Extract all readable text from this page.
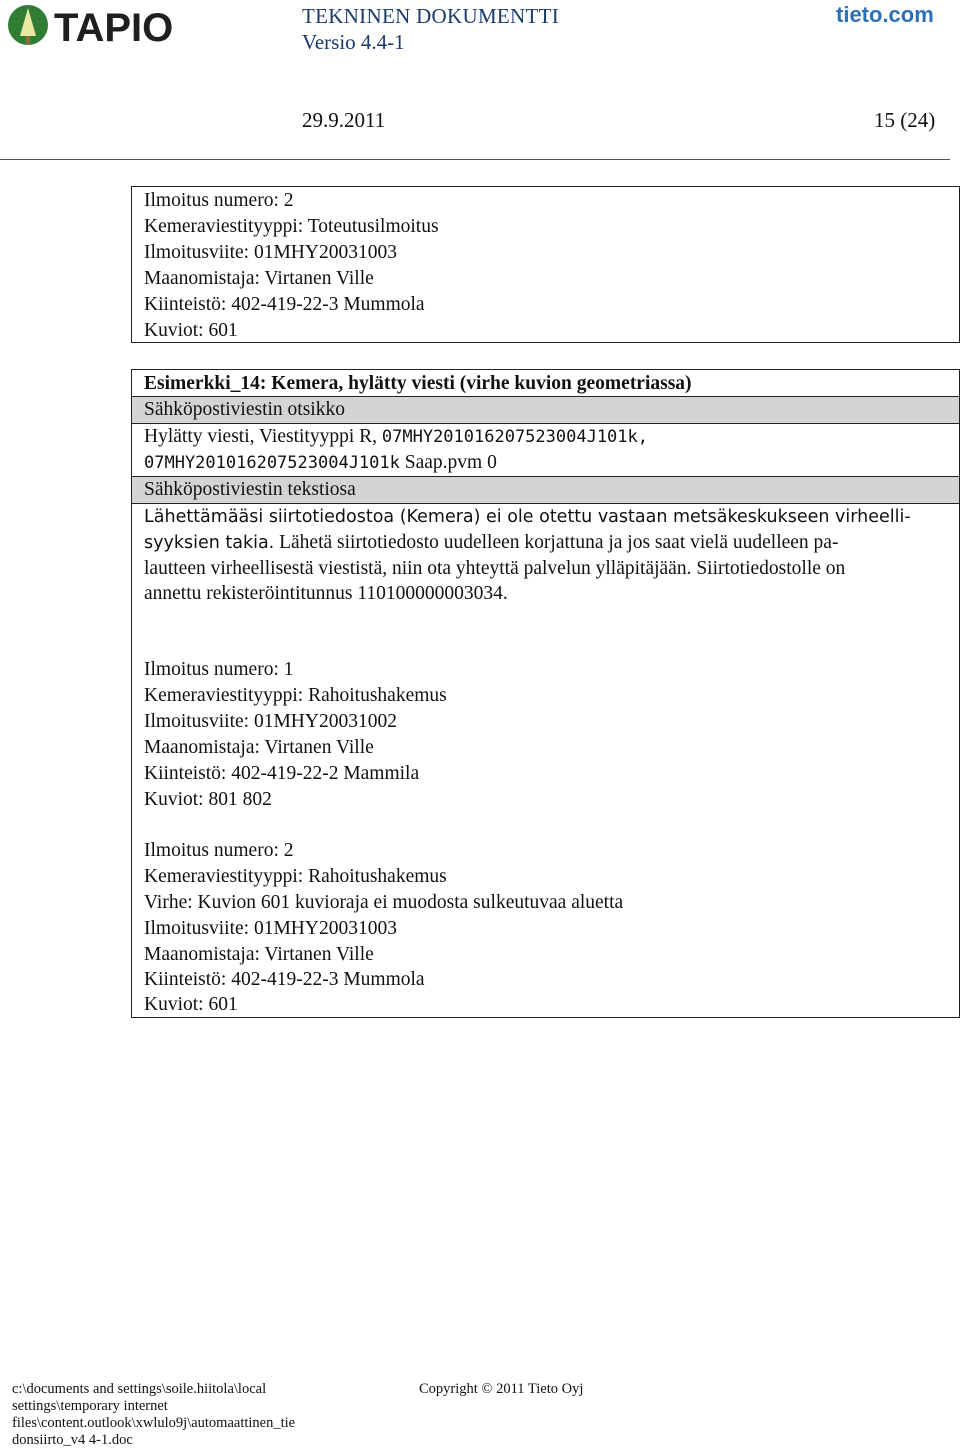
TAPIO	TEKNINEN DOKUMENTTI
Versio 4.4-1
tieto.com
29.9.2011	15 (24)
Ilmoitus numero: 2
Kemeraviestityyppi: Toteutusilmoitus
Ilmoitusviite: 01MHY20031003
Maanomistaja: Virtanen Ville
Kiinteistö: 402-419-22-3 Mummola
Kuviot: 601
Esimerkki_14: Kemera, hylätty viesti (virhe kuvion geometriassa)
Sähköpostiviestin otsikko
Hylätty viesti, Viestityyppi R, 07MHY201016207523004J101k,
07MHY201016207523004J101k Saap.pvm 0
Sähköpostiviestin tekstiosa
Lähettämääsi siirtotiedostoa (Kemera) ei ole otettu vastaan metsäkeskukseen virheelli-
syyksien takia. Lähetä siirtotiedosto uudelleen korjattuna ja jos saat vielä uudelleen pa-
lautteen virheellisestä viestistä, niin ota yhteyttä palvelun ylläpitäjään. Siirtotiedostolle on
annettu rekisteröintitunnus 110100000003034.
Ilmoitus numero: 1
Kemeraviestityyppi: Rahoitushakemus
Ilmoitusviite: 01MHY20031002
Maanomistaja: Virtanen Ville
Kiinteistö: 402-419-22-2 Mammila
Kuviot: 801 802
Ilmoitus numero: 2
Kemeraviestityyppi: Rahoitushakemus
Virhe: Kuvion 601 kuvioraja ei muodosta sulkeutuvaa aluetta
Ilmoitusviite: 01MHY20031003
Maanomistaja: Virtanen Ville
Kiinteistö: 402-419-22-3 Mummola
Kuviot: 601
c:\documents and settings\soile.hiitola\local
settings\temporary internet
files\content.outlook\xwlulo9j\automaattinen_tie
donsiirto_v4 4-1.doc
Copyright © 2011 Tieto Oyj
